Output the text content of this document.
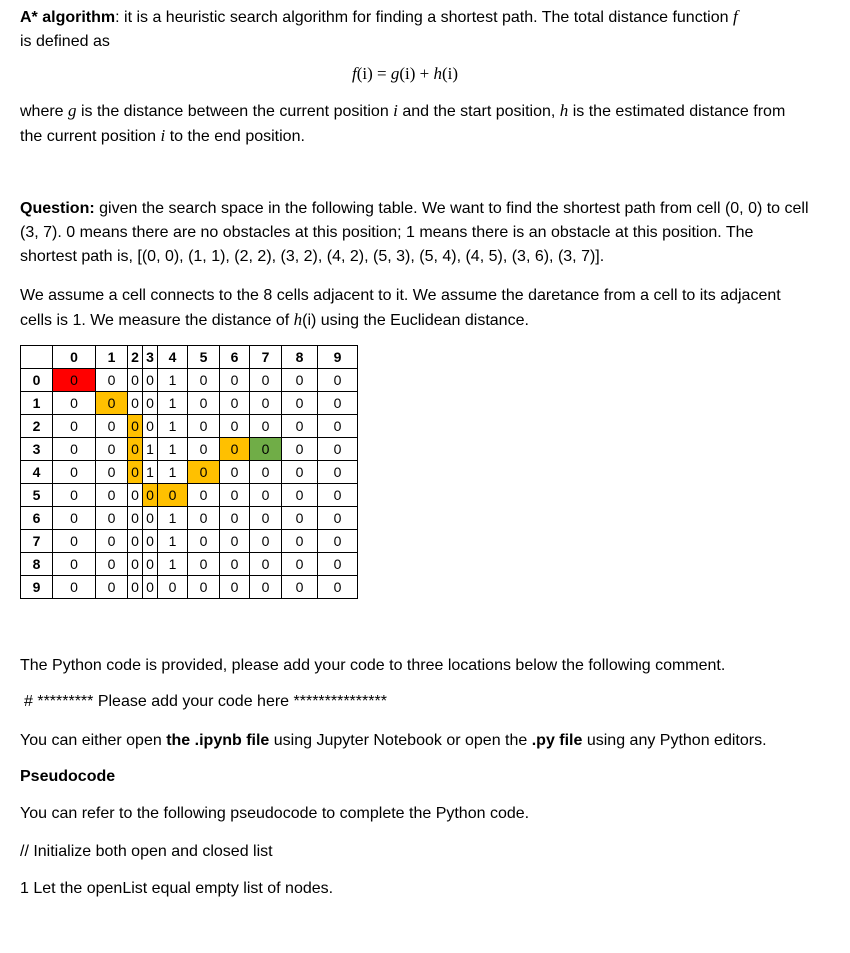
A* algorithm: it is a heuristic search algorithm for finding a shortest path. The total distance function f
is defined as

f(i) = g(i) + h(i)

where g is the distance between the current position i and the start position, h is the estimated distance from the current position i to the end position.

Question: given the search space in the following table. We want to find the shortest path from cell (0, 0) to cell (3, 7). 0 means there are no obstacles at this position; 1 means there is an obstacle at this position. The shortest path is, [(0, 0), (1, 1), (2, 2), (3, 2), (4, 2), (5, 3), (5, 4), (4, 5), (3, 6), (3, 7)].

We assume a cell connects to the 8 cells adjacent to it. We assume the daretance from a cell to its adjacent cells is 1. We measure the distance of h(i) using the Euclidean distance.

	0	1	2	3	4	5	6	7	8	9
0	0	0	0	0	1	0	0	0	0	0
1	0	0	0	0	1	0	0	0	0	0
2	0	0	0	0	1	0	0	0	0	0
3	0	0	0	1	1	0	0	0	0	0
4	0	0	0	1	1	0	0	0	0	0
5	0	0	0	0	0	0	0	0	0	0
6	0	0	0	0	1	0	0	0	0	0
7	0	0	0	0	1	0	0	0	0	0
8	0	0	0	0	1	0	0	0	0	0
9	0	0	0	0	0	0	0	0	0	0

The Python code is provided, please add your code to three locations below the following comment.

# ********* Please add your code here ***************

You can either open the .ipynb file using Jupyter Notebook or open the .py file using any Python editors.

Pseudocode

You can refer to the following pseudocode to complete the Python code.

// Initialize both open and closed list

1 Let the openList equal empty list of nodes.
